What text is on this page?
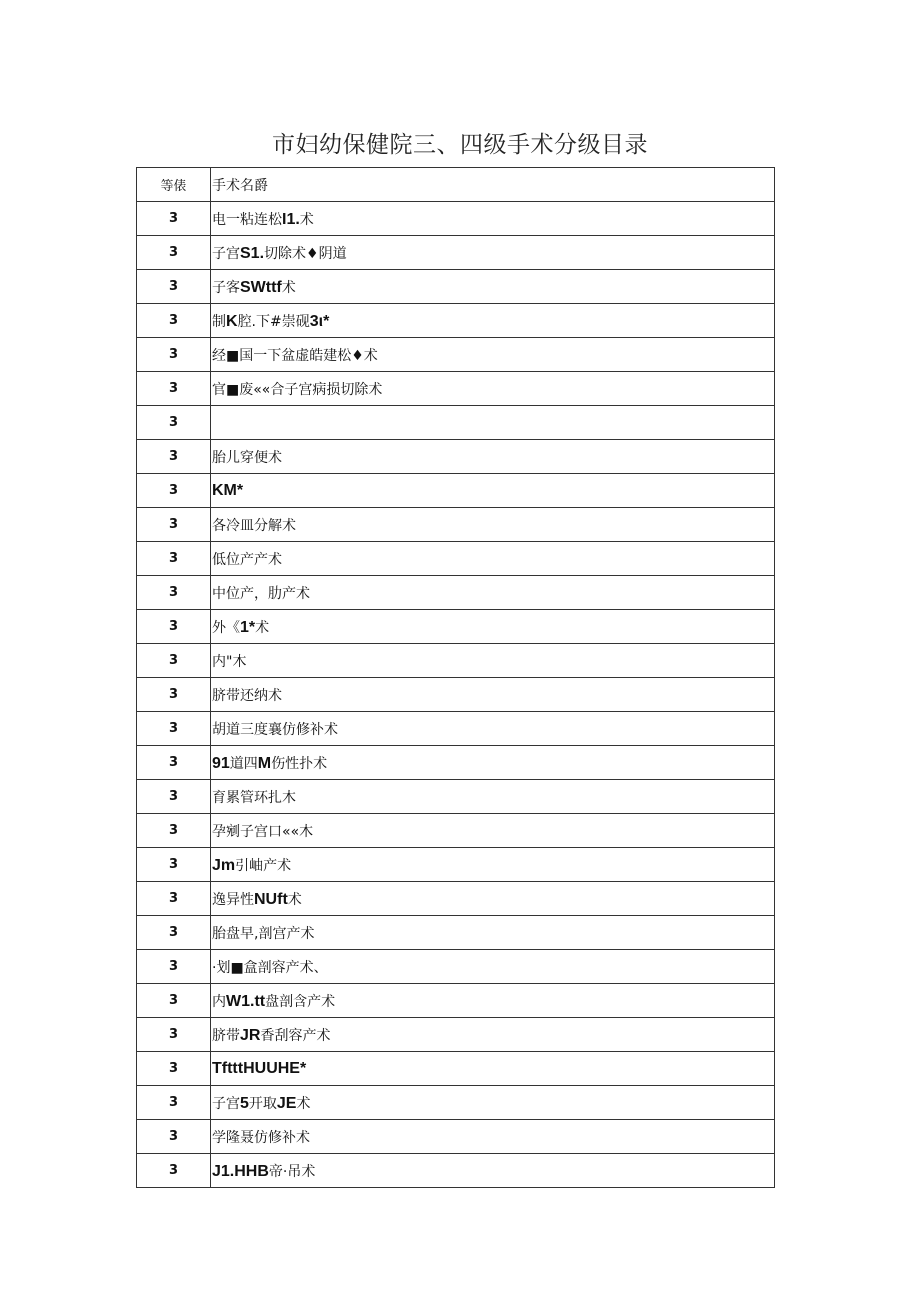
市妇幼保健院三、四级手术分级目录
等俵	手术名爵
3	电一粘连松I1.术
3	子宫S1.切除术♦阴道
3	子客SWttf术
3	制K腔.下#崇砚3ι*
3	经■国一下盆虚皓建松♦术
3	官■废««合子宫病损切除术
3	
3	胎儿穿便术
3	KM*
3	各冷皿分解术
3	低位产产术
3	中位产，肋产术
3	外《1*术
3	内"木
3	脐带还纳术
3	胡道三度襄仿修补术
3	91道四M伤性扑术
3	育累管环扎木
3	孕剜子宫口««木
3	Jm引岫产术
3	逸异性NUft术
3	胎盘早,剖宫产术
3	·划■盒剖容产术、
3	内W1.tt盘剖含产术
3	脐带JR香刮容产术
3	TftttHUUHE*
3	子宫5开取JE术
3	学隆聂仿修补术
3	J1.HHB帝·吊术
